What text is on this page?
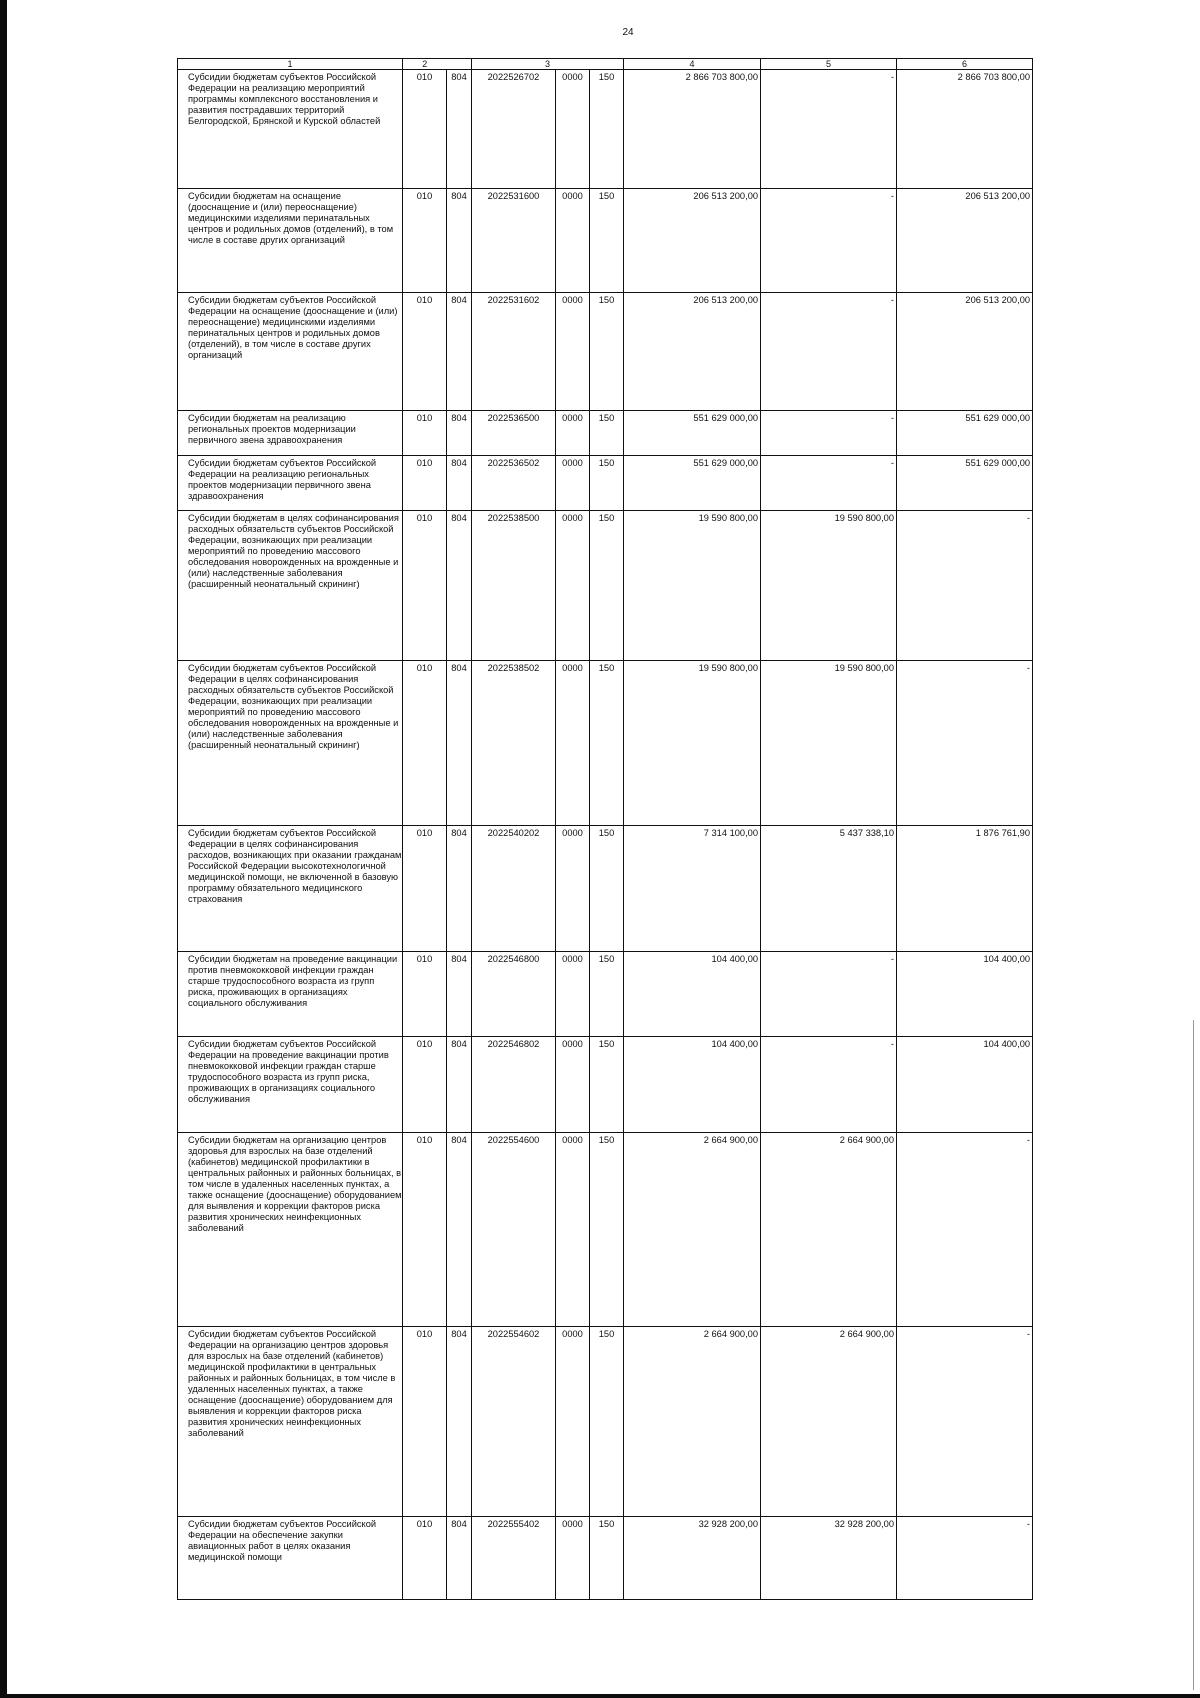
24
1	2		3			4	5	6
Субсидии бюджетам субъектов Российской Федерации на реализацию мероприятий программы комплексного восстановления и развития пострадавших территорий Белгородской, Брянской и Курской областей	010	804	2022526702	0000	150	2 866 703 800,00	-	2 866 703 800,00
Субсидии бюджетам на оснащение (дооснащение и (или) переоснащение) медицинскими изделиями перинатальных центров и родильных домов (отделений), в том числе в составе других организаций	010	804	2022531600	0000	150	206 513 200,00	-	206 513 200,00
Субсидии бюджетам субъектов Российской Федерации на оснащение (дооснащение и (или) переоснащение) медицинскими изделиями перинатальных центров и родильных домов (отделений), в том числе в составе других организаций	010	804	2022531602	0000	150	206 513 200,00	-	206 513 200,00
Субсидии бюджетам на реализацию региональных проектов модернизации первичного звена здравоохранения	010	804	2022536500	0000	150	551 629 000,00	-	551 629 000,00
Субсидии бюджетам субъектов Российской Федерации на реализацию региональных проектов модернизации первичного звена здравоохранения	010	804	2022536502	0000	150	551 629 000,00	-	551 629 000,00
Субсидии бюджетам в целях софинансирования расходных обязательств субъектов Российской Федерации, возникающих при реализации мероприятий по проведению массового обследования новорожденных на врожденные и (или) наследственные заболевания (расширенный неонатальный скрининг)	010	804	2022538500	0000	150	19 590 800,00	19 590 800,00	-
Субсидии бюджетам субъектов Российской Федерации в целях софинансирования расходных обязательств субъектов Российской Федерации, возникающих при реализации мероприятий по проведению массового обследования новорожденных на врожденные и (или) наследственные заболевания (расширенный неонатальный скрининг)	010	804	2022538502	0000	150	19 590 800,00	19 590 800,00	-
Субсидии бюджетам субъектов Российской Федерации в целях софинансирования расходов, возникающих при оказании гражданам Российской Федерации высокотехнологичной медицинской помощи, не включенной в базовую программу обязательного медицинского страхования	010	804	2022540202	0000	150	7 314 100,00	5 437 338,10	1 876 761,90
Субсидии бюджетам на проведение вакцинации против пневмококковой инфекции граждан старше трудоспособного возраста из групп риска, проживающих в организациях социального обслуживания	010	804	2022546800	0000	150	104 400,00	-	104 400,00
Субсидии бюджетам субъектов Российской Федерации на проведение вакцинации против пневмококковой инфекции граждан старше трудоспособного возраста из групп риска, проживающих в организациях социального обслуживания	010	804	2022546802	0000	150	104 400,00	-	104 400,00
Субсидии бюджетам на организацию центров здоровья для взрослых на базе отделений (кабинетов) медицинской профилактики в центральных районных и районных больницах, в том числе в удаленных населенных пунктах, а также оснащение (дооснащение) оборудованием для выявления и коррекции факторов риска развития хронических неинфекционных заболеваний	010	804	2022554600	0000	150	2 664 900,00	2 664 900,00	-
Субсидии бюджетам субъектов Российской Федерации на организацию центров здоровья для взрослых на базе отделений (кабинетов) медицинской профилактики в центральных районных и районных больницах, в том числе в удаленных населенных пунктах, а также оснащение (дооснащение) оборудованием для выявления и коррекции факторов риска развития хронических неинфекционных заболеваний	010	804	2022554602	0000	150	2 664 900,00	2 664 900,00	-
Субсидии бюджетам субъектов Российской Федерации на обеспечение закупки авиационных работ в целях оказания медицинской помощи	010	804	2022555402	0000	150	32 928 200,00	32 928 200,00	-
